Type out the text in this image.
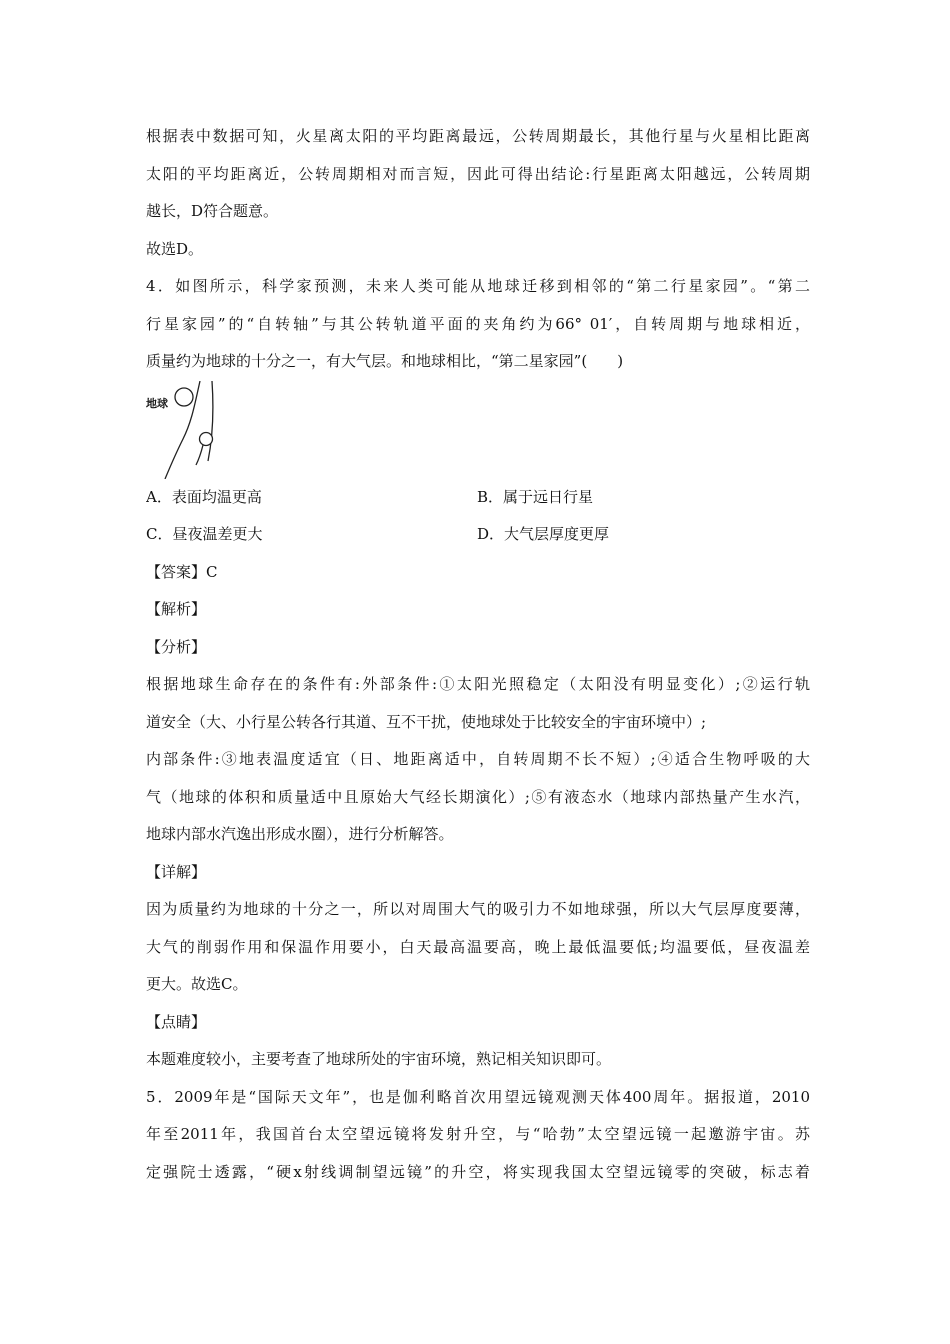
根据表中数据可知，火星离太阳的平均距离最远，公转周期最长，其他行星与火星相比距离
太阳的平均距离近，公转周期相对而言短，因此可得出结论:行星距离太阳越远，公转周期
越长，D符合题意。
故选D。
4．如图所示，科学家预测，未来人类可能从地球迁移到相邻的“第二行星家园”。“第二
行星家园”的“自转轴”与其公转轨道平面的夹角约为66° 01′，自转周期与地球相近，
质量约为地球的十分之一，有大气层。和地球相比，“第二星家园”(　　)
地球
A．表面均温更高	B．属于远日行星
C．昼夜温差更大	D．大气层厚度更厚
【答案】C
【解析】
【分析】
根据地球生命存在的条件有:外部条件:①太阳光照稳定（太阳没有明显变化）;②运行轨
道安全（大、小行星公转各行其道、互不干扰，使地球处于比较安全的宇宙环境中）;
内部条件:③地表温度适宜（日、地距离适中，自转周期不长不短）;④适合生物呼吸的大
气（地球的体积和质量适中且原始大气经长期演化）;⑤有液态水（地球内部热量产生水汽，
地球内部水汽逸出形成水圈），进行分析解答。
【详解】
因为质量约为地球的十分之一，所以对周围大气的吸引力不如地球强，所以大气层厚度要薄，
大气的削弱作用和保温作用要小，白天最高温要高，晚上最低温要低;均温要低，昼夜温差
更大。故选C。
【点睛】
本题难度较小，主要考查了地球所处的宇宙环境，熟记相关知识即可。
5．2009年是“国际天文年”，也是伽利略首次用望远镜观测天体400周年。据报道，2010
年至2011年，我国首台太空望远镜将发射升空，与“哈勃”太空望远镜一起邀游宇宙。苏
定强院士透露，“硬x射线调制望远镜”的升空，将实现我国太空望远镜零的突破，标志着
